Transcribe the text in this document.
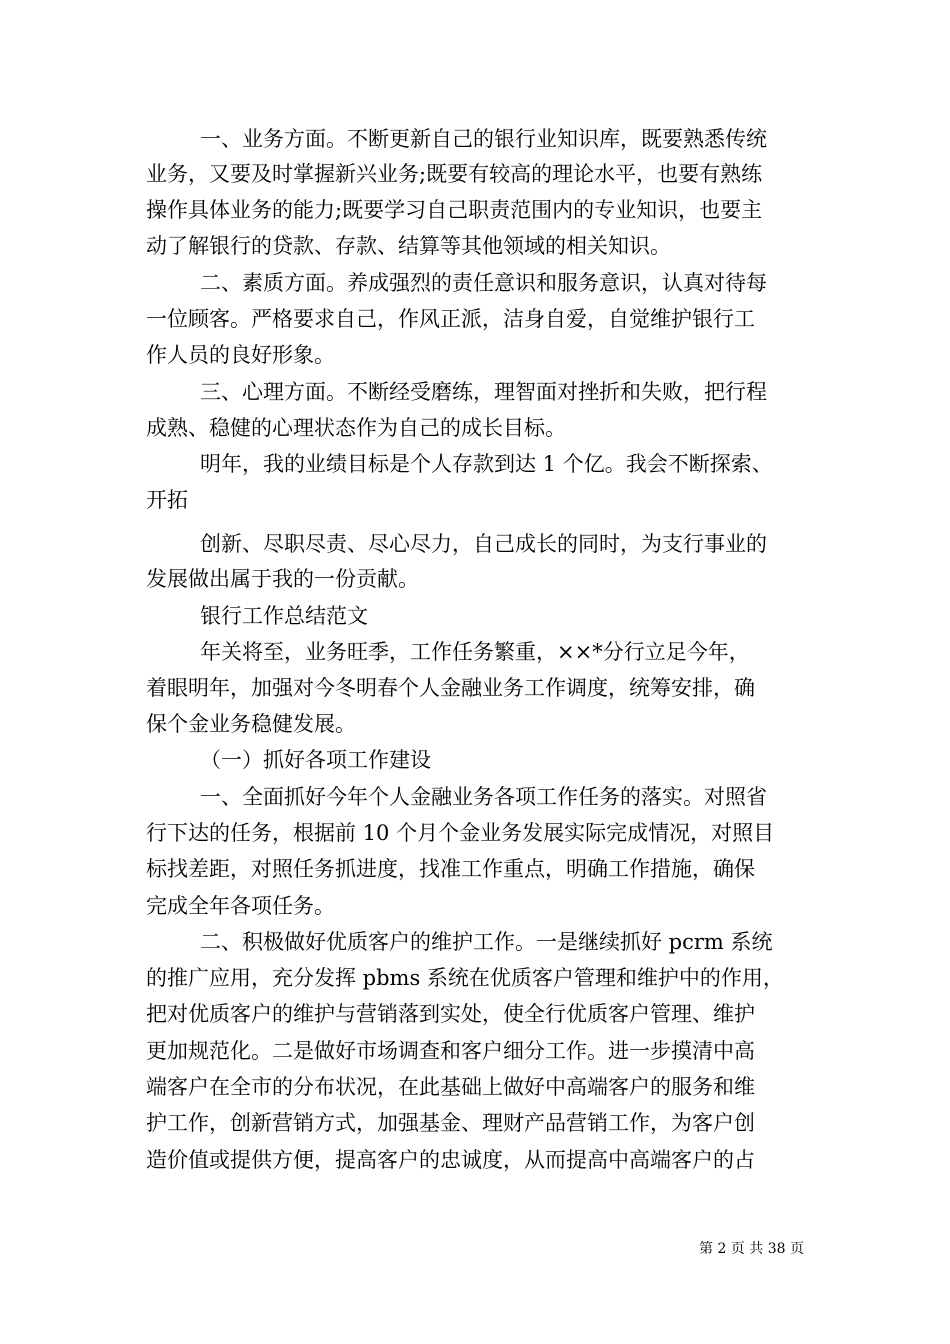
一、业务方面。不断更新自己的银行业知识库，既要熟悉传统
业务，又要及时掌握新兴业务;既要有较高的理论水平，也要有熟练
操作具体业务的能力;既要学习自己职责范围内的专业知识，也要主
动了解银行的贷款、存款、结算等其他领域的相关知识。
二、素质方面。养成强烈的责任意识和服务意识，认真对待每
一位顾客。严格要求自己，作风正派，洁身自爱，自觉维护银行工
作人员的良好形象。
三、心理方面。不断经受磨练，理智面对挫折和失败，把行程
成熟、稳健的心理状态作为自己的成长目标。
明年，我的业绩目标是个人存款到达 1 个亿。我会不断探索、
开拓
创新、尽职尽责、尽心尽力，自己成长的同时，为支行事业的
发展做出属于我的一份贡献。
银行工作总结范文
年关将至，业务旺季，工作任务繁重，××*分行立足今年，
着眼明年，加强对今冬明春个人金融业务工作调度，统筹安排，确
保个金业务稳健发展。
（一）抓好各项工作建设
一、全面抓好今年个人金融业务各项工作任务的落实。对照省
行下达的任务，根据前 10 个月个金业务发展实际完成情况，对照目
标找差距，对照任务抓进度，找准工作重点，明确工作措施，确保
完成全年各项任务。
二、积极做好优质客户的维护工作。一是继续抓好 pcrm 系统
的推广应用，充分发挥 pbms 系统在优质客户管理和维护中的作用，
把对优质客户的维护与营销落到实处，使全行优质客户管理、维护
更加规范化。二是做好市场调查和客户细分工作。进一步摸清中高
端客户在全市的分布状况，在此基础上做好中高端客户的服务和维
护工作，创新营销方式，加强基金、理财产品营销工作，为客户创
造价值或提供方便，提高客户的忠诚度，从而提高中高端客户的占
第 2 页 共 38 页
